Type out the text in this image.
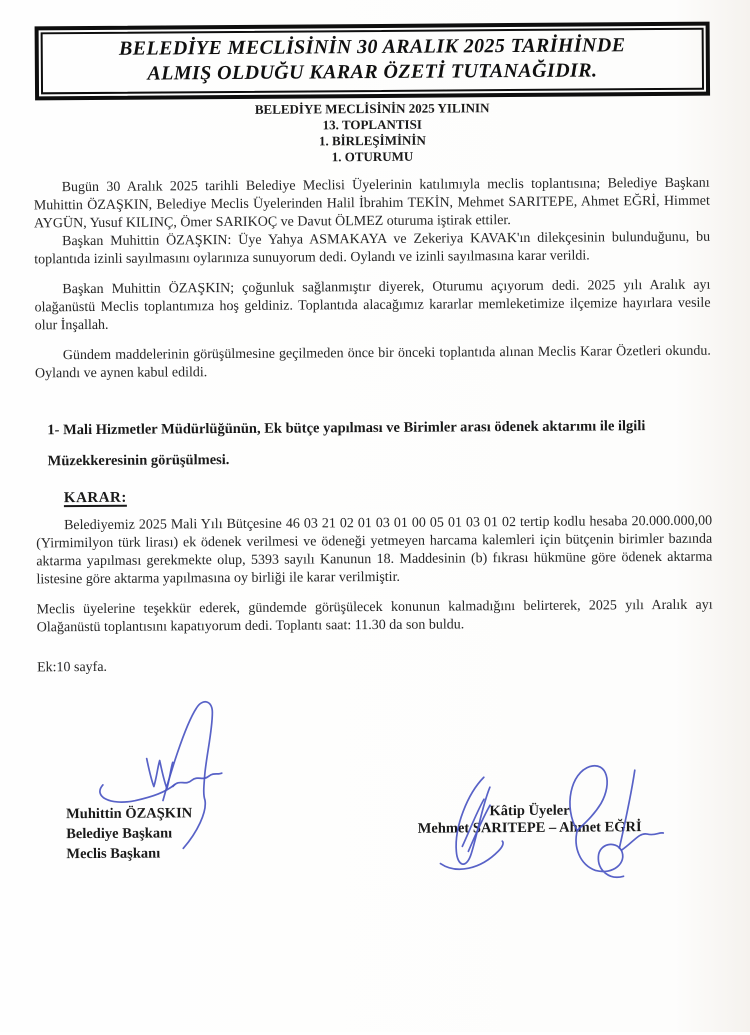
BELEDİYE MECLİSİNİN 30 ARALIK 2025 TARİHİNDE
ALMIŞ OLDUĞU KARAR ÖZETİ TUTANAĞIDIR.
BELEDİYE MECLİSİNİN 2025 YILININ
13. TOPLANTISI
1. BİRLEŞİMİNİN
1. OTURUMU

Bugün 30 Aralık 2025 tarihli Belediye Meclisi Üyelerinin katılımıyla meclis toplantısına; Belediye Başkanı Muhittin ÖZAŞKIN, Belediye Meclis Üyelerinden Halil İbrahim TEKİN, Mehmet SARITEPE, Ahmet EĞRİ, Himmet AYGÜN, Yusuf KILINÇ, Ömer SARIKOÇ ve Davut ÖLMEZ oturuma iştirak ettiler.

Başkan Muhittin ÖZAŞKIN: Üye Yahya ASMAKAYA ve Zekeriya KAVAK'ın dilekçesinin bulunduğunu, bu toplantıda izinli sayılmasını oylarınıza sunuyorum dedi. Oylandı ve izinli sayılmasına karar verildi.

Başkan Muhittin ÖZAŞKIN; çoğunluk sağlanmıştır diyerek, Oturumu açıyorum dedi. 2025 yılı Aralık ayı olağanüstü Meclis toplantımıza hoş geldiniz. Toplantıda alacağımız kararlar memleketimize ilçemize hayırlara vesile olur İnşallah.

Gündem maddelerinin görüşülmesine geçilmeden önce bir önceki toplantıda alınan Meclis Karar Özetleri okundu. Oylandı ve aynen kabul edildi.

1- Mali Hizmetler Müdürlüğünün, Ek bütçe yapılması ve Birimler arası ödenek aktarımı ile ilgili Müzekkeresinin görüşülmesi.

KARAR:

Belediyemiz 2025 Mali Yılı Bütçesine 46 03 21 02 01 03 01 00 05 01 03 01 02 tertip kodlu hesaba 20.000.000,00 (Yirmimilyon türk lirası) ek ödenek verilmesi ve ödeneği yetmeyen harcama kalemleri için bütçenin birimler bazında aktarma yapılması gerekmekte olup, 5393 sayılı Kanunun 18. Maddesinin (b) fıkrası hükmüne göre ödenek aktarma listesine göre aktarma yapılmasına oy birliği ile karar verilmiştir.

Meclis üyelerine teşekkür ederek, gündemde görüşülecek konunun kalmadığını belirterek, 2025 yılı Aralık ayı Olağanüstü toplantısını kapatıyorum dedi. Toplantı saat: 11.30 da son buldu.

Ek:10 sayfa.

Muhittin ÖZAŞKIN
Belediye Başkanı
Meclis Başkanı
Kâtip Üyeler
Mehmet SARITEPE – Ahmet EĞRİ
